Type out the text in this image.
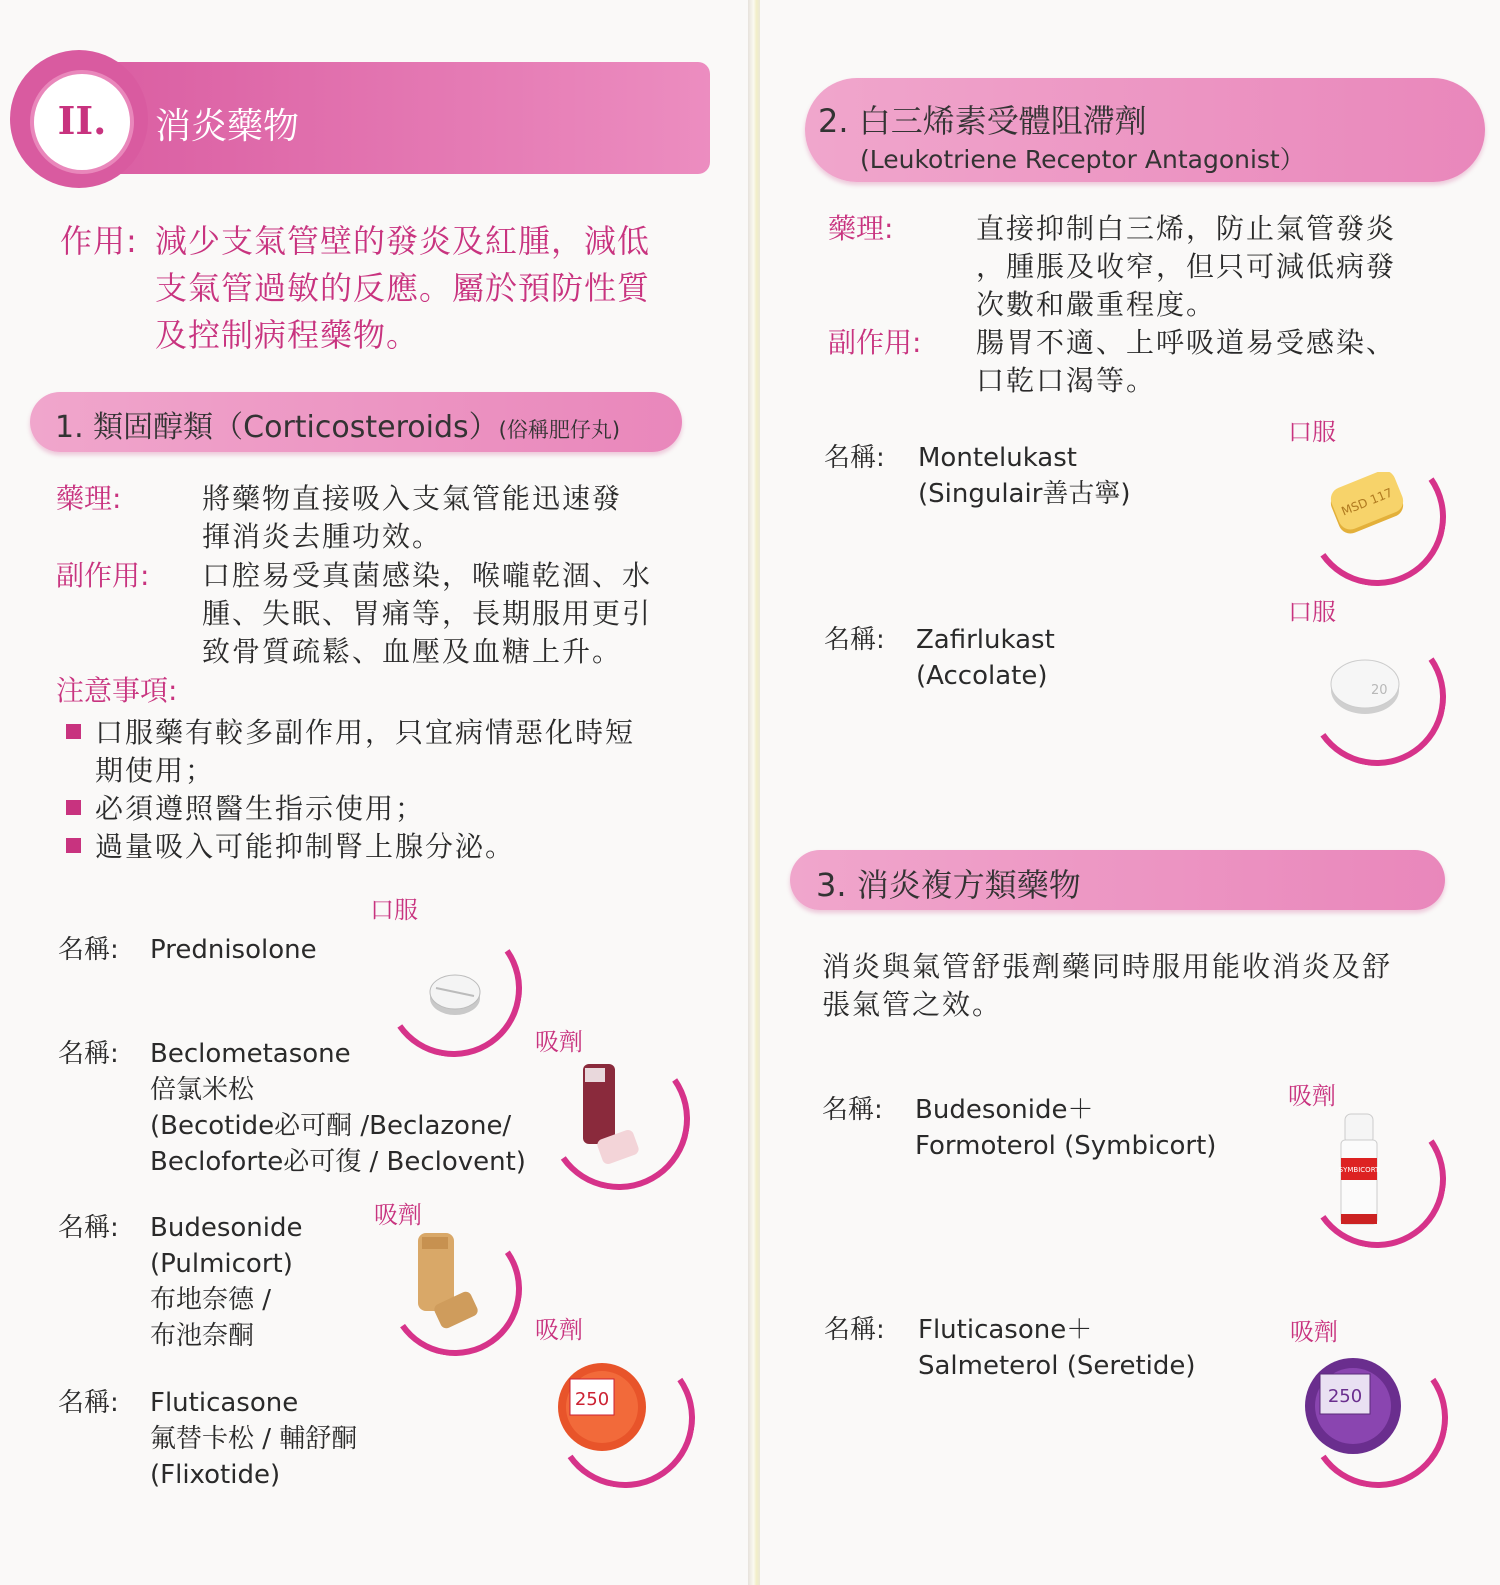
II.	消炎藥物
作用: 減少支氣管壁的發炎及紅腫，減低
支氣管過敏的反應。屬於預防性質
及控制病程藥物。
1. 類固醇類（Corticosteroids）(俗稱肥仔丸)
藥理:	將藥物直接吸入支氣管能迅速發
揮消炎去腫功效。
副作用: 口腔易受真菌感染，喉嚨乾涸、水
腫、失眠、胃痛等，長期服用更引
致骨質疏鬆、血壓及血糖上升。
注意事項:
口服藥有較多副作用，只宜病情惡化時短
期使用；
必須遵照醫生指示使用；
過量吸入可能抑制腎上腺分泌。
口服
名稱: Prednisolone
吸劑
名稱: Beclometasone
倍氯米松
(Becotide必可酮 /Beclazone/
Becloforte必可復 / Beclovent)
吸劑
名稱: Budesonide
(Pulmicort)
布地奈德 /
布池奈酮	吸劑
名稱: Fluticasone
氟替卡松 / 輔舒酮
(Flixotide)
250
2. 白三烯素受體阻滯劑
(Leukotriene Receptor Antagonist）
藥理:	直接抑制白三烯，防止氣管發炎
，腫脹及收窄，但只可減低病發
次數和嚴重程度。
副作用: 腸胃不適、上呼吸道易受感染、
口乾口渴等。
口服
名稱: Montelukast
(Singulair善古寧)	MSD 117
口服
名稱: Zafirlukast
(Accolate)	20
3. 消炎複方類藥物
消炎與氣管舒張劑藥同時服用能收消炎及舒
張氣管之效。
吸劑
名稱: Budesonide＋
Formoterol (Symbicort)
SYMBICORT
吸劑
名稱: Fluticasone＋
Salmeterol (Seretide)
250
